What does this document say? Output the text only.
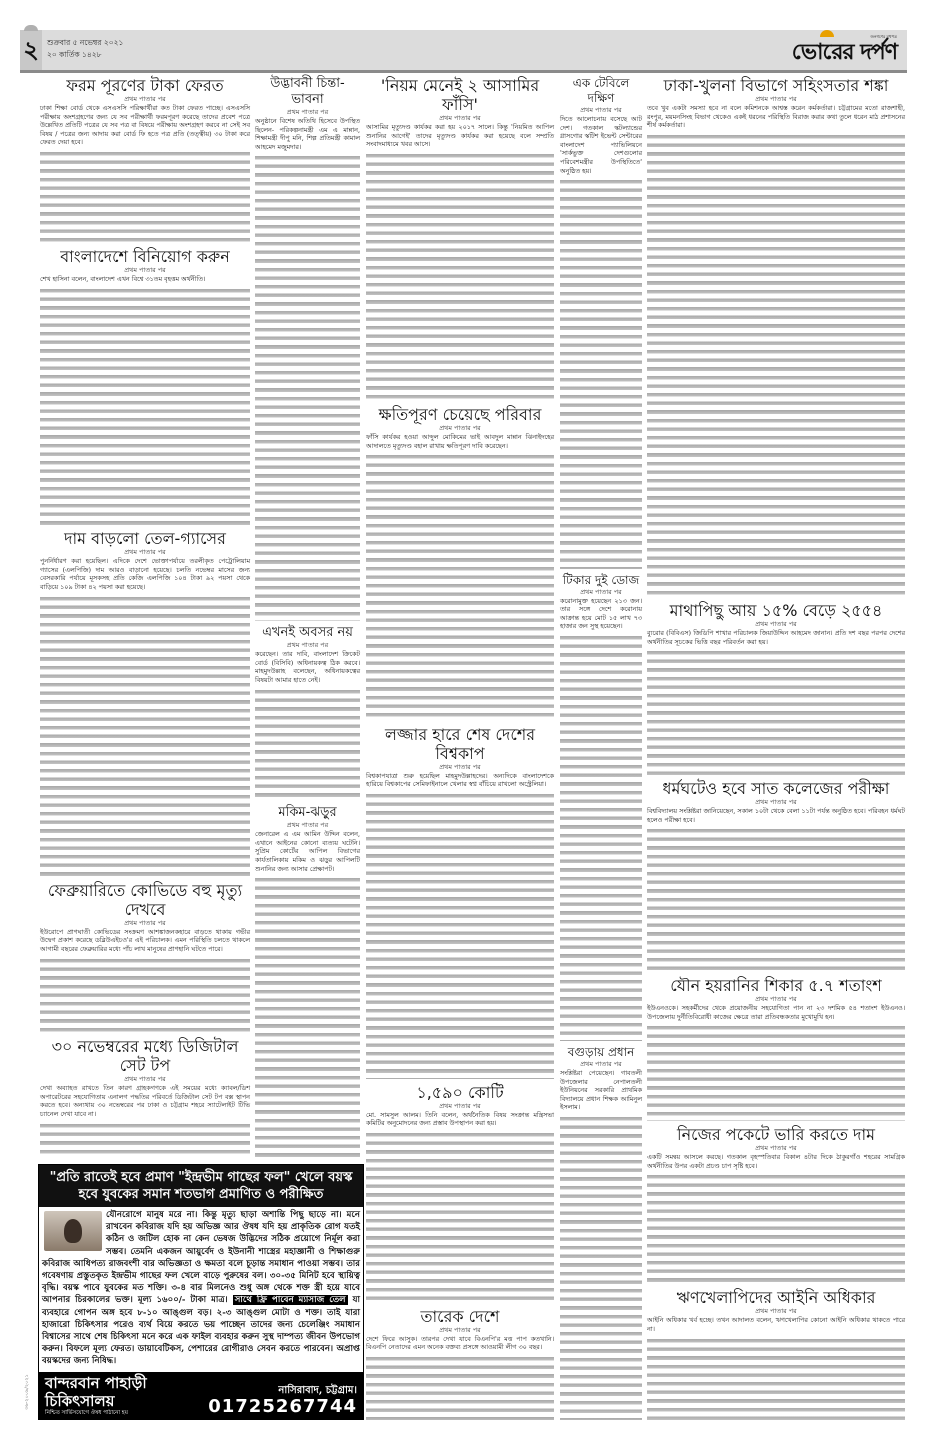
২	শুক্রবার ৫ নভেম্বর ২০২১
২০ কার্তিক ১৪২৮
জনগণের মুখপত্র
ভোরের দর্পণ
ফরম পূরণের টাকা ফেরত
প্রথম পাতার পর
ঢাকা শিক্ষা বোর্ড থেকে এসএসসি পরিক্ষার্থীরা কত টাকা ফেরত পাচ্ছে। এসএসসি পরীক্ষায় অংশগ্রহণের জন্য যে সব পরীক্ষার্থী ফরমপূরণ করেছে তাদের প্রবেশ পত্রে উল্লেখিত প্রতিটি পত্রের যে সব পত্র বা বিষয়ে পরীক্ষায় অংশগ্রহণ করবে না সেই সব বিষয় / পত্রের জন্য আদায় করা বোর্ড ফি হতে পত্র প্রতি (তত্ত্বীয়) ৩০ টাকা করে ফেরত দেয়া হবে।
বাংলাদেশে বিনিয়োগ করুন
প্রথম পাতার পর
শেখ হাসিনা বলেন, বাংলাদেশ এখন বিশ্বে ৩১তম বৃহত্তম অর্থনীতি।
দাম বাড়লো তেল-গ্যাসের
প্রথম পাতার পর
পুনর্নির্ধারণ করা হয়েছিল। এদিকে দেশে ভোক্তাপর্যায়ে তরলীকৃত পেট্রোলিয়াম গ্যাসের (এলপিজি) দাম আরও বাড়ানো হয়েছে। চলতি নভেম্বর মাসের জন্য বেসরকারি পর্যায়ে মূসকসহ প্রতি কেজি এলপিজি ১০৪ টাকা ৯২ পয়সা থেকে বাড়িয়ে ১০৯ টাকা ৪২ পয়সা করা হয়েছে।
ফেব্রুয়ারিতে কোভিডে বহু মৃত্যু দেখবে
প্রথম পাতার পর
ইউরোপে প্রাণঘাতী কোভিডের সংক্রমণ আশঙ্কাজনকহারে বাড়তে থাকায় গভীর উদ্বেগ প্রকাশ করেছে ডব্লিউএইচও'র এই পরিচালক। এমন পরিস্থিতি চলতে থাকলে আগামী বছরের ফেব্রুয়ারির মধ্যে পাঁচ লাখ মানুষের প্রাণহানি ঘটতে পারে।
৩০ নভেম্বরের মধ্যে ডিজিটাল সেট টপ
প্রথম পাতার পর
দেখা অব্যাহত রাখতে তিন কারণ গ্রাহকগণকে এই সময়ের মধ্যে ক্যাবল/ডিশ অপারেটরের সহযোগিতায় এনালগ পদ্ধতির পরিবর্তে ডিজিটাল সেট টপ বক্স স্থাপন করতে হবে। অন্যথায় ৩০ নভেম্বরের পর ঢাকা ও চট্টগ্রাম শহরে স্যাটেলাইট টিভি চ্যানেল দেখা যাবে না।
উদ্ভাবনী চিন্তা-ভাবনা
প্রথম পাতার পর
অনুষ্ঠানে বিশেষ অতিথি হিসেবে উপস্থিত ছিলেন- পরিকল্পনামন্ত্রী এম এ মান্নান, শিক্ষামন্ত্রী দীপু মনি, শিল্প প্রতিমন্ত্রী কামাল আহমেদ মজুমদার।
এখনই অবসর নয়
প্রথম পাতার পর
করেছেন। তার দাবি, বাংলাদেশ ক্রিকেট বোর্ড (বিসিবি) অধিনায়কত্ব ঠিক করবে। মাহমুদউল্লাহ বলেছেন, অধিনায়কত্বের বিষয়টা আমার হাতে নেই।
মকিম-ঝড়ুর
প্রথম পাতার পর
জেনারেল এ এম আমিন উদ্দিন বলেন, এখানে আইনের কোনো ব্যত্যয় ঘটেনি। সুপ্রিম কোর্টের আপিল বিভাগের কার্যতালিকায় মকিম ও ঝড়ুর আপিলটি শুনানির জন্য আসার প্রেক্ষাপট।
'নিয়ম মেনেই ২ আসামির ফাঁসি'
প্রথম পাতার পর
আসামির মৃত্যুদণ্ড কার্যকর করা হয় ২০১৭ সালে। কিন্তু 'নিয়মিত আপিল শুনানির আগেই' তাদের মৃত্যুদণ্ড কার্যকর করা হয়েছে বলে সম্প্রতি সংবাদমাধ্যমে খবর আসে।
ক্ষতিপূরণ চেয়েছে পরিবার
প্রথম পাতার পর
ফাঁসি কার্যকর হওয়া আব্দুল মোকিমের ভাই আবদুল মান্নান ঝিনাইদহের আদালতে মৃত্যুদণ্ড বহাল রাখায় ক্ষতিপূরণ দাবি করেছেন।
লজ্জার হারে শেষ দেশের বিশ্বকাপ
প্রথম পাতার পর
বিশ্বকাপযাত্রা শুরু হয়েছিল মাহমুদউল্লাহদের। অন্যদিকে বাংলাদেশকে হারিয়ে বিশ্বকাপের সেমিফাইনালে খেলার স্বপ্ন বাঁচিয়ে রাখলো অস্ট্রেলিয়া।
১,৫৯০ কোটি
প্রথম পাতার পর
মো. সামসুল আলম। তিনি বলেন, অর্থনৈতিক বিষয় সংক্রান্ত মন্ত্রিসভা কমিটির অনুমোদনের জন্য প্রস্তাব উপস্থাপন করা হয়।
তারেক দেশে
প্রথম পাতার পর
দেশে ফিরে আসুক। তারপর দেখা যাবে বিএনপি'র মত্ত পাপ কতখানি। বিএনপি নেতাদের এমন অনেক বক্তব্য প্রসঙ্গে আওয়ামী লীগ ৩০ বছর।
এক টেবিলে দক্ষিণ
প্রথম পাতার পর
দিতে আলোচনায় বসেছে আট দেশ। গতকাল স্কটল্যান্ডের গ্লাসগোর স্কটিশ ইভেন্ট সেন্টারের বাংলাদেশ প্যাভিলিয়নে 'সার্কভুক্ত দেশগুলোর পরিবেশমন্ত্রীর উপস্থিতিতে' অনুষ্ঠিত হয়।
টিকার দুই ডোজ
প্রথম পাতার পর
করোনামুক্ত হয়েছেন ২১৩ জন। তার সঙ্গে দেশে করোনায় আক্রান্ত হয়ে মোট ১৫ লাখ ৭৩ হাজার জন সুস্থ হয়েছেন।
বগুড়ায় প্রধান
প্রথম পাতার পর
সংশ্লিষ্টরা পেয়েছেন। গাবতলী উপজেলার নেপালতলী ইউনিয়নের সরকারি প্রাথমিক বিদ্যালয়ে প্রধান শিক্ষক আমিনুল ইসলাম।
ঢাকা-খুলনা বিভাগে সহিংসতার শঙ্কা
প্রথম পাতার পর
তবে খুব একটা সমস্যা হবে না বলে কমিশনকে আশ্বস্ত করেন কর্মকর্তারা। চট্টগ্রামের মতো রাজশাহী, রংপুর, ময়মনসিংহ বিভাগ থেকেও একই ধরনের পরিস্থিতি বিরাজ করার কথা তুলে ধরেন মাঠ প্রশাসনের শীর্ষ কর্মকর্তারা।
মাথাপিছু আয় ১৫% বেড়ে ২৫৫৪
প্রথম পাতার পর
ব্যুরোর (বিবিএস) জিডিপি শাখার পরিচালক জিয়াউদ্দিন আহমেদ জানান। প্রতি দশ বছর পরপর দেশের অর্থনীতির সূচকের ভিত্তি বছর পরিবর্তন করা হয়।
ধর্মঘটেও হবে সাত কলেজের পরীক্ষা
প্রথম পাতার পর
বিশ্ববিদ্যালয় সংশ্লিষ্টরা জানিয়েছেন, সকাল ১০টা থেকে বেলা ১১টা পর্যন্ত অনুষ্ঠিত হবে। পরিবহন ধর্মঘট হলেও পরীক্ষা হবে।
যৌন হয়রানির শিকার ৫.৭ শতাংশ
প্রথম পাতার পর
ইউএনওকে। সহকর্মীদের থেকে প্রয়োজনীয় সহযোগিতা পান না ২৩ দশমিক ৫৪ শতাংশ ইউএনও। উপজেলায় দুর্নীতিবিরোধী কাজের ক্ষেত্রে তারা প্রতিবন্ধকতার মুখোমুখি হন।
নিজের পকেটে ভারি করতে দাম
প্রথম পাতার পর
একটি সমন্বয় আসলে করছে। গতকাল বৃহস্পতিবার বিকাল ৪টার দিকে ঠাকুরগাঁও শহরের সামগ্রিক অর্থনীতির উপর একটা প্রচণ্ড চাপ সৃষ্টি হবে।
ঋণখেলাপিদের আইনি অধিকার
প্রথম পাতার পর
আইনি অধিকার খর্ব হচ্ছে। তখন আদালত বলেন, ঋণখেলাপির কোনো আইনি অধিকার থাকতে পারে না।
"প্রতি রাতেই হবে প্রমাণ "ইন্দ্রভীম গাছের ফল" খেলে বয়স্ক হবে যুবকের সমান শতভাগ প্রমাণিত ও পরীক্ষিত
যৌনরোগে মানুষ মরে না। কিন্তু মৃত্যু ছাড়া অশান্তি পিছু ছাড়ে না। মনে রাখবেন কবিরাজ যদি হয় অভিজ্ঞ আর ঔষধ যদি হয় প্রাকৃতিক রোগ যতই কঠিন ও জটিল হোক না কেন ভেষজ উদ্ভিদের সঠিক প্রয়োগে নির্মূল করা সম্ভব। তেমনি একজন আয়ুর্বেদ ও ইউনানী শাস্ত্রের মহাজ্ঞানী ও শিক্ষাগুরু কবিরাজ আধিপত্য রাজবংশী বার অভিজ্ঞতা ও ক্ষমতা বলে চূড়ান্ত সমাধান পাওয়া সম্ভব। তার গবেষণায় প্রস্তুতকৃত ইন্দ্রভীম গাছের ফল খেলে বাড়ে পুরুষের বল। ৩০-৩৫ মিনিট হবে স্থায়িত্ব বৃদ্ধি। বয়স্ক পাবে যুবকের মত শক্তি। ৩-৪ বার মিলনেও শুধু অঙ্গ থেকে শক্ত স্ত্রী হয়ে যাবে আপনার চিরকালের ভক্ত। মূল্য ১৬০০/- টাকা মাত্র। সাথে ফ্রি পাবেন ম্যাসাজ তেল যা ব্যবহারে গোপন অঙ্গ হবে ৮-১০ আঙ্গুল বড়। ২-৩ আঙ্গুল মোটা ও শক্ত। তাই যারা হাজারো চিকিৎসার পরেও ব্যর্থ বিয়ে করতে ভয় পাচ্ছেন তাদের জন্য চেলেঞ্জিং সমাধান বিশ্বাসের সাথে শেষ চিকিৎসা মনে করে এক ফাইল ব্যবহার করুন সুস্থ দাম্পত্য জীবন উপভোগ করুন। বিফলে মূল্য ফেরত। ডায়াবেটিকস, পেশারের রোগীরাও সেবন করতে পারবেন। অপ্রাপ্ত বয়স্কদের জন্য নিষিদ্ধ।
বান্দরবান পাহাড়ী চিকিৎসালয়
নিশ্চিত সার্ভিসযোগে ঔষধ পাঠানো হয়
নাসিরাবাদ, চট্টগ্রাম।
01725267744
৩৬-২০০৯/২০২১
